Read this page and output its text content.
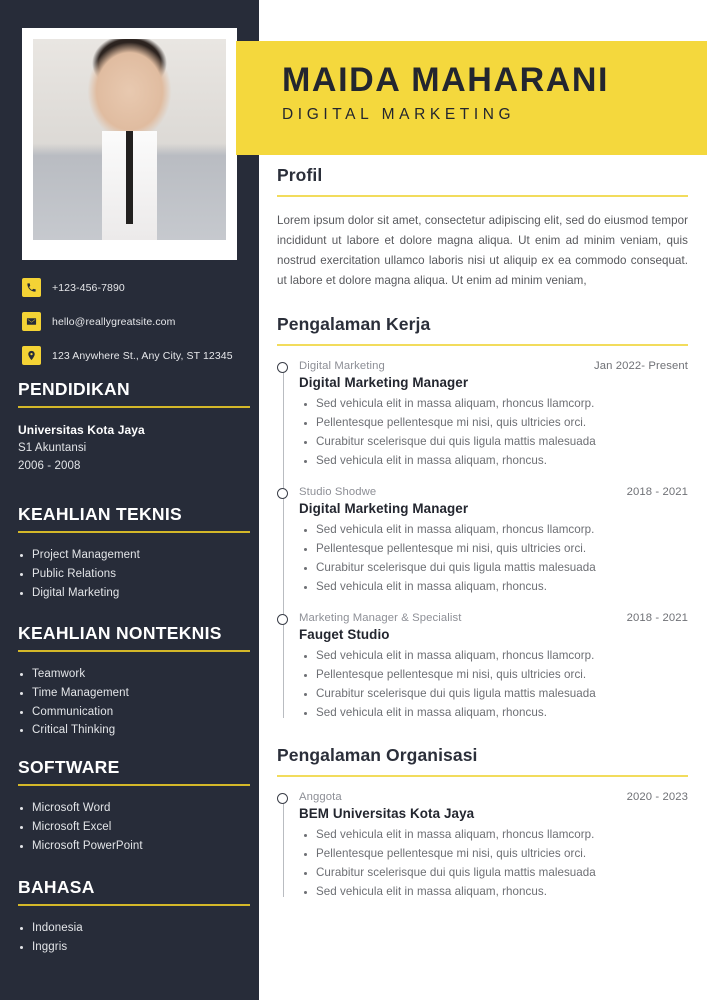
+123-456-7890
hello@reallygreatsite.com
123 Anywhere St., Any City, ST 12345
PENDIDIKAN
Universitas Kota Jaya
S1 Akuntansi
2006 - 2008
KEAHLIAN TEKNIS
• Project Management
• Public Relations
• Digital Marketing
KEAHLIAN NONTEKNIS
• Teamwork
• Time Management
• Communication
• Critical Thinking
SOFTWARE
• Microsoft Word
• Microsoft Excel
• Microsoft PowerPoint
BAHASA
• Indonesia
• Inggris
MAIDA MAHARANI
DIGITAL MARKETING
Profil

Lorem ipsum dolor sit amet, consectetur adipiscing elit, sed do eiusmod tempor incididunt ut labore et dolore magna aliqua. Ut enim ad minim veniam, quis nostrud exercitation ullamco laboris nisi ut aliquip ex ea commodo consequat. ut labore et dolore magna aliqua. Ut enim ad minim veniam,

Pengalaman Kerja
Digital Marketing	Jan 2022- Present
Digital Marketing Manager
• Sed vehicula elit in massa aliquam, rhoncus llamcorp.
• Pellentesque pellentesque mi nisi, quis ultricies orci.
• Curabitur scelerisque dui quis ligula mattis malesuada
• Sed vehicula elit in massa aliquam, rhoncus.
Studio Shodwe	2018 - 2021
Digital Marketing Manager
• Sed vehicula elit in massa aliquam, rhoncus llamcorp.
• Pellentesque pellentesque mi nisi, quis ultricies orci.
• Curabitur scelerisque dui quis ligula mattis malesuada
• Sed vehicula elit in massa aliquam, rhoncus.
Marketing Manager & Specialist	2018 - 2021
Fauget Studio
• Sed vehicula elit in massa aliquam, rhoncus llamcorp.
• Pellentesque pellentesque mi nisi, quis ultricies orci.
• Curabitur scelerisque dui quis ligula mattis malesuada
• Sed vehicula elit in massa aliquam, rhoncus.
Pengalaman Organisasi
Anggota	2020 - 2023
BEM Universitas Kota Jaya
• Sed vehicula elit in massa aliquam, rhoncus llamcorp.
• Pellentesque pellentesque mi nisi, quis ultricies orci.
• Curabitur scelerisque dui quis ligula mattis malesuada
• Sed vehicula elit in massa aliquam, rhoncus.
